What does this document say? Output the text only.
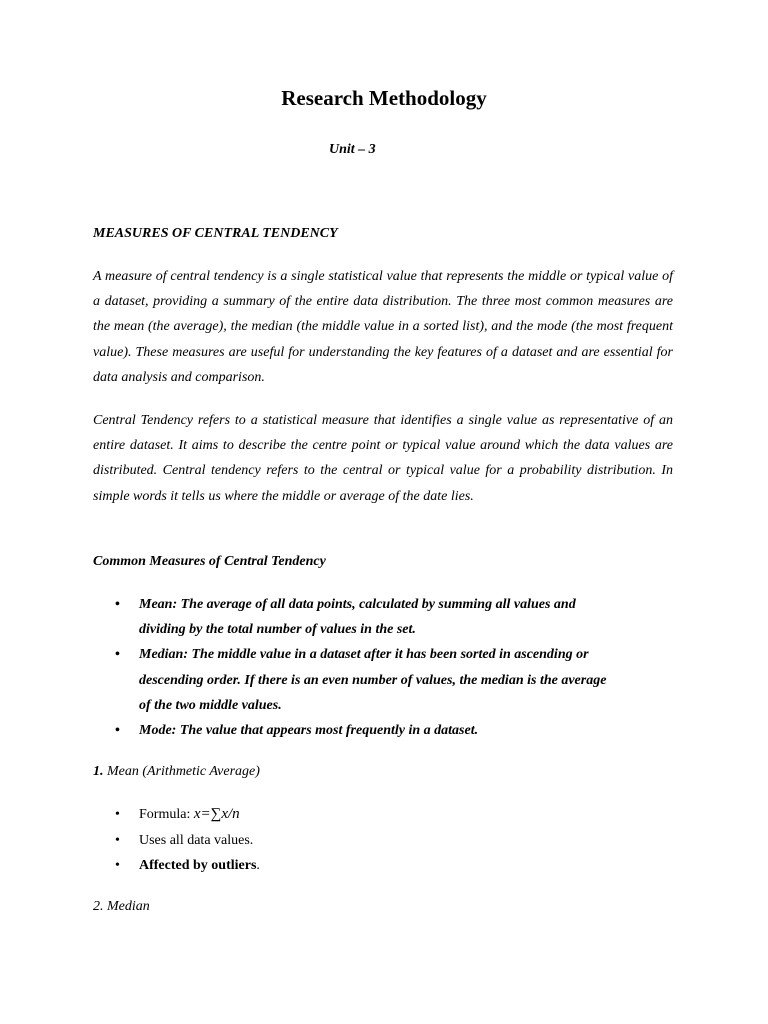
Research Methodology

Unit – 3

MEASURES OF CENTRAL TENDENCY

A measure of central tendency is a single statistical value that represents the middle or typical value of a dataset, providing a summary of the entire data distribution. The three most common measures are the mean (the average), the median (the middle value in a sorted list), and the mode (the most frequent value). These measures are useful for understanding the key features of a dataset and are essential for data analysis and comparison.

Central Tendency refers to a statistical measure that identifies a single value as representative of an entire dataset. It aims to describe the centre point or typical value around which the data values are distributed. Central tendency refers to the central or typical value for a probability distribution. In simple words it tells us where the middle or average of the date lies.

Common Measures of Central Tendency

• Mean: The average of all data points, calculated by summing all values and dividing by the total number of values in the set.
• Median: The middle value in a dataset after it has been sorted in ascending or descending order. If there is an even number of values, the median is the average of the two middle values.
• Mode: The value that appears most frequently in a dataset.

1. Mean (Arithmetic Average)

• Formula: x=∑x/n
• Uses all data values.
• Affected by outliers.

2. Median
